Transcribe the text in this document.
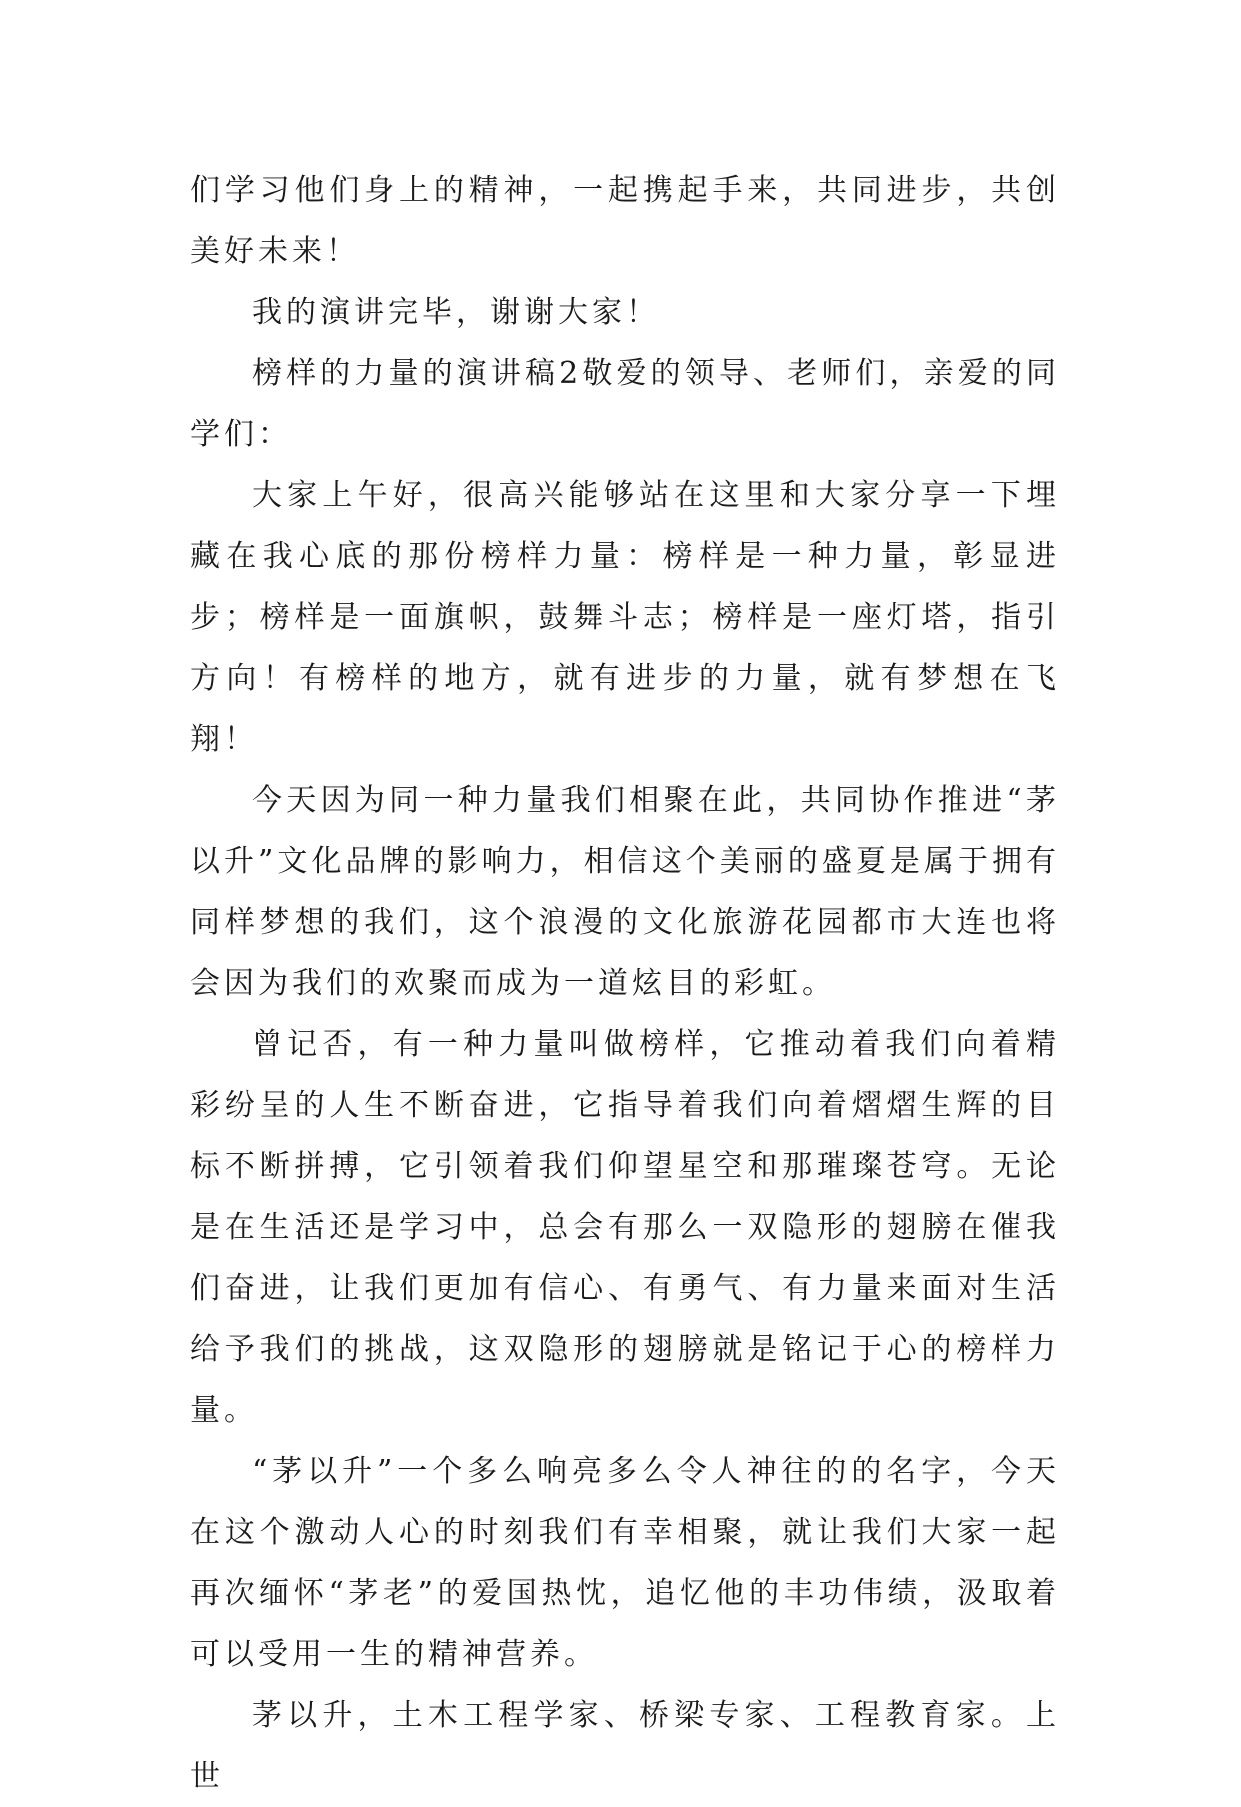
们学习他们身上的精神，一起携起手来，共同进步，共创美好未来！

我的演讲完毕，谢谢大家！

榜样的力量的演讲稿2敬爱的领导、老师们，亲爱的同学们：

大家上午好，很高兴能够站在这里和大家分享一下埋藏在我心底的那份榜样力量：榜样是一种力量，彰显进步；榜样是一面旗帜，鼓舞斗志；榜样是一座灯塔，指引方向！有榜样的地方，就有进步的力量，就有梦想在飞翔！

今天因为同一种力量我们相聚在此，共同协作推进“茅以升”文化品牌的影响力，相信这个美丽的盛夏是属于拥有同样梦想的我们，这个浪漫的文化旅游花园都市大连也将会因为我们的欢聚而成为一道炫目的彩虹。

曾记否，有一种力量叫做榜样，它推动着我们向着精彩纷呈的人生不断奋进，它指导着我们向着熠熠生辉的目标不断拼搏，它引领着我们仰望星空和那璀璨苍穹。无论是在生活还是学习中，总会有那么一双隐形的翅膀在催我们奋进，让我们更加有信心、有勇气、有力量来面对生活给予我们的挑战，这双隐形的翅膀就是铭记于心的榜样力量。

“茅以升”一个多么响亮多么令人神往的的名字，今天在这个激动人心的时刻我们有幸相聚，就让我们大家一起再次缅怀“茅老”的爱国热忱，追忆他的丰功伟绩，汲取着可以受用一生的精神营养。

茅以升，土木工程学家、桥梁专家、工程教育家。上世
